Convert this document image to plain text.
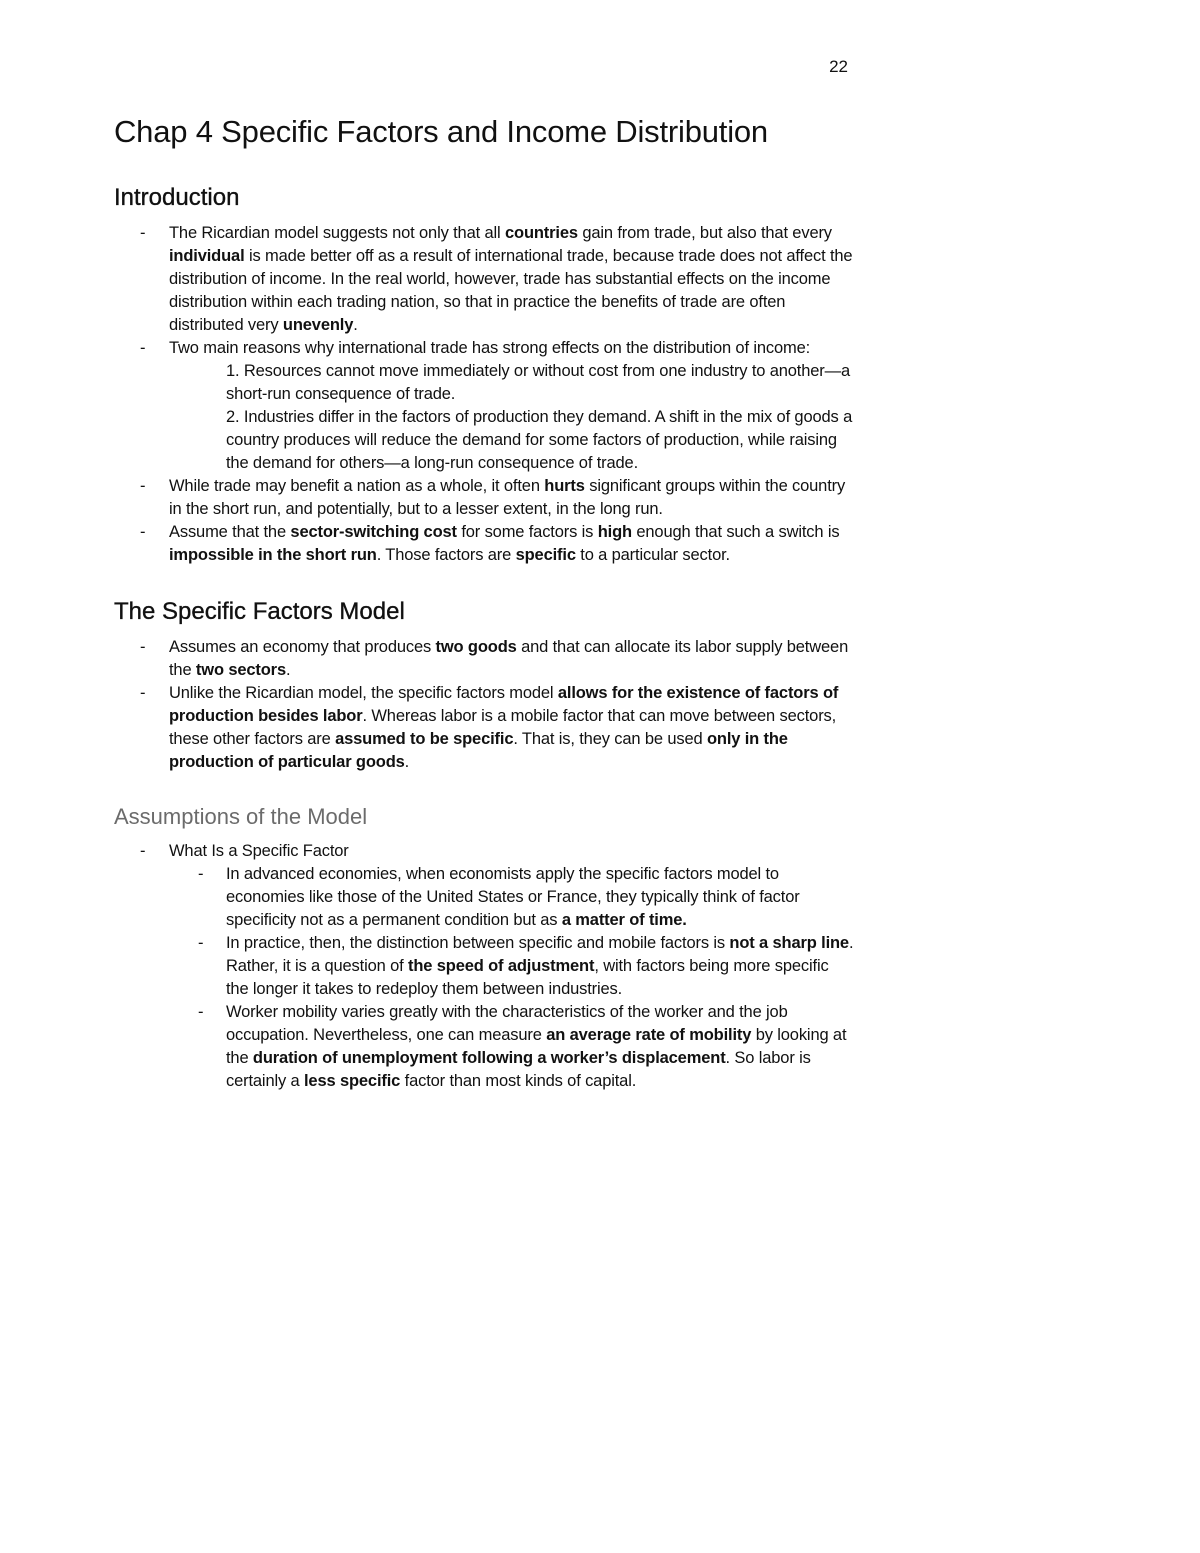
22
Chap 4 Specific Factors and Income Distribution
Introduction
- The Ricardian model suggests not only that all countries gain from trade, but also that every individual is made better off as a result of international trade, because trade does not affect the distribution of income. In the real world, however, trade has substantial effects on the income distribution within each trading nation, so that in practice the benefits of trade are often distributed very unevenly.
- Two main reasons why international trade has strong effects on the distribution of income:
1. Resources cannot move immediately or without cost from one industry to another—a short-run consequence of trade.
2. Industries differ in the factors of production they demand. A shift in the mix of goods a country produces will reduce the demand for some factors of production, while raising the demand for others—a long-run consequence of trade.
- While trade may benefit a nation as a whole, it often hurts significant groups within the country in the short run, and potentially, but to a lesser extent, in the long run.
- Assume that the sector-switching cost for some factors is high enough that such a switch is impossible in the short run. Those factors are specific to a particular sector.
The Specific Factors Model
- Assumes an economy that produces two goods and that can allocate its labor supply between the two sectors.
- Unlike the Ricardian model, the specific factors model allows for the existence of factors of production besides labor. Whereas labor is a mobile factor that can move between sectors, these other factors are assumed to be specific. That is, they can be used only in the production of particular goods.
Assumptions of the Model
- What Is a Specific Factor
- In advanced economies, when economists apply the specific factors model to economies like those of the United States or France, they typically think of factor specificity not as a permanent condition but as a matter of time.
- In practice, then, the distinction between specific and mobile factors is not a sharp line. Rather, it is a question of the speed of adjustment, with factors being more specific the longer it takes to redeploy them between industries.
- Worker mobility varies greatly with the characteristics of the worker and the job occupation. Nevertheless, one can measure an average rate of mobility by looking at the duration of unemployment following a worker’s displacement. So labor is certainly a less specific factor than most kinds of capital.
